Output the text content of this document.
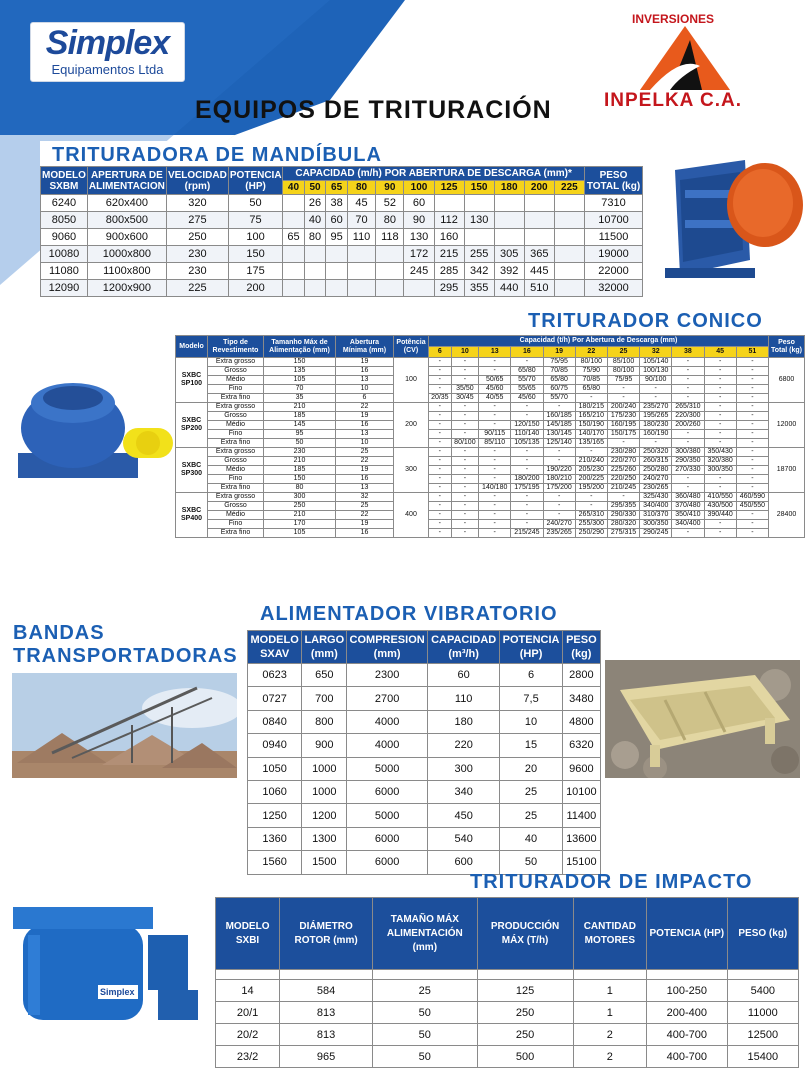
Simplex
Equipamentos Ltda
EQUIPOS DE TRITURACIÓN
INVERSIONES
INPELKA C.A.
TRITURADORA DE MANDÍBULA
MODELO SXBM	APERTURA DE ALIMENTACION	VELOCIDAD (rpm)	POTENCIA (HP)	CAPACIDAD (m/h) POR ABERTURA DE DESCARGA (mm)*											PESO TOTAL (kg)
				40	50	65	80	90	100	125	150	180	200	225	
6240	620x400	320	50		26	38	45	52	60						7310
8050	800x500	275	75		40	60	70	80	90	112	130				10700
9060	900x600	250	100	65	80	95	110	118	130	160					11500
10080	1000x800	230	150						172	215	255	305	365		19000
11080	1100x800	230	175						245	285	342	392	445		22000
12090	1200x900	225	200							295	355	440	510		32000
TRITURADOR CONICO
Modelo	Tipo de Revestimento	Tamanho Máx de Alimentação (mm)	Abertura Mínima (mm)	Potência (CV)	Capacidad (t/h) Por Abertura de Descarga (mm)											Peso Total (kg)
					6	10	13	16	19	22	25	32	38	45	51	
SXBC SP100	Extra grosso	150	19	100	-	-	-	-	75/95	80/100	85/100	105/140	-	-	-	6800
	Grosso	135	16		-	-	-	65/80	70/85	75/90	80/100	100/130	-	-	-	
	Médio	105	13		-	-	50/65	55/70	65/80	70/85	75/95	90/100	-	-	-	
	Fino	70	10		-	35/50	45/60	55/65	60/75	65/80	-	-	-	-	-	
	Extra fino	35	6		20/35	30/45	40/55	45/60	55/70	-	-	-	-	-	-	
SXBC SP200	Extra grosso	210	22	200	-	-	-	-	-	180/215	200/240	235/270	265/310	-	-	12000
	Grosso	185	19		-	-	-	-	160/185	165/210	175/230	195/265	220/300	-	-	
	Médio	145	16		-	-	-	120/150	145/185	150/190	160/195	180/230	200/260	-	-	
	Fino	95	13		-	-	90/115	110/140	130/145	140/170	150/175	160/190	-	-	-	
	Extra fino	50	10		-	80/100	85/110	105/135	125/140	135/165	-	-	-	-	-	
SXBC SP300	Extra grosso	230	25	300	-	-	-	-	-	-	230/280	250/320	300/380	350/430	-	18700
	Grosso	210	22		-	-	-	-	-	210/240	220/270	260/315	290/350	320/380	-	
	Médio	185	19		-	-	-	-	190/220	205/230	225/260	250/280	270/330	300/350	-	
	Fino	150	16		-	-	-	180/200	180/210	200/225	220/250	240/270	-	-	-	
	Extra fino	80	13		-	-	140/180	175/195	175/200	195/200	210/245	230/265	-	-	-	
SXBC SP400	Extra grosso	300	32	400	-	-	-	-	-	-	-	325/430	360/480	410/550	460/590	28400
	Grosso	250	25		-	-	-	-	-	-	295/355	340/400	370/480	430/500	450/550	
	Médio	210	22		-	-	-	-	-	265/310	290/330	310/370	350/410	390/440	-	
	Fino	170	19		-	-	-	-	240/270	255/300	280/320	300/350	340/400	-	-	
	Extra fino	105	16		-	-	-	215/245	235/265	250/290	275/315	290/245	-	-	-	
BANDAS
TRANSPORTADORAS
ALIMENTADOR VIBRATORIO
MODELO SXAV	LARGO (mm)	COMPRESION (mm)	CAPACIDAD (m³/h)	POTENCIA (HP)	PESO (kg)
0623	650	2300	60	6	2800
0727	700	2700	110	7,5	3480
0840	800	4000	180	10	4800
0940	900	4000	220	15	6320
1050	1000	5000	300	20	9600
1060	1000	6000	340	25	10100
1250	1200	5000	450	25	11400
1360	1300	6000	540	40	13600
1560	1500	6000	600	50	15100
TRITURADOR DE IMPACTO
Simplex
MODELO SXBI	DIÁMETRO ROTOR (mm)	TAMAÑO MÁX ALIMENTACIÓN (mm)	PRODUCCIÓN MÁX (T/h)	CANTIDAD MOTORES	POTENCIA (HP)	PESO (kg)

14	584	25	125	1	100-250	5400
20/1	813	50	250	1	200-400	11000
20/2	813	50	250	2	400-700	12500
23/2	965	50	500	2	400-700	15400
